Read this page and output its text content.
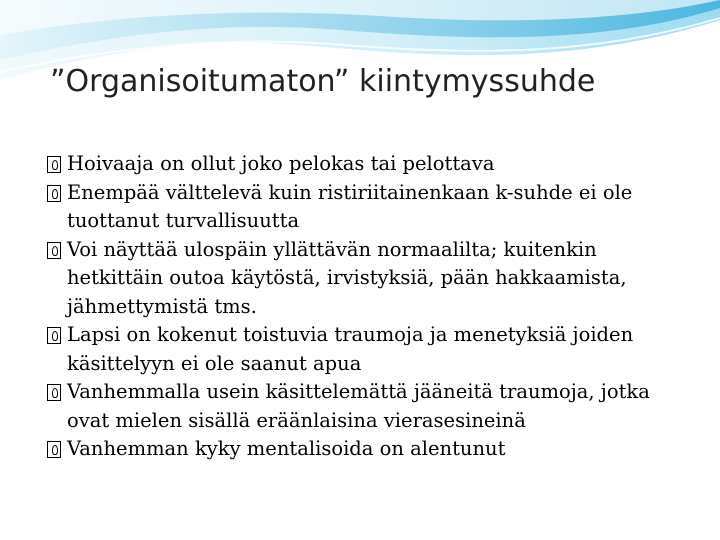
”Organisoitumaton” kiintymyssuhde
Hoivaaja on ollut joko pelokas tai pelottava
Enempää välttelevä kuin ristiriitainenkaan k-suhde ei ole tuottanut turvallisuutta
Voi näyttää ulospäin yllättävän normaalilta; kuitenkin hetkittäin outoa käytöstä, irvistyksiä, pään hakkaamista, jähmettymistä tms.
Lapsi on kokenut toistuvia traumoja ja menetyksiä joiden käsittelyyn ei ole saanut apua
Vanhemmalla usein käsittelemättä jääneitä traumoja, jotka ovat mielen sisällä eräänlaisina vierasesineinä
Vanhemman kyky mentalisoida on alentunut
